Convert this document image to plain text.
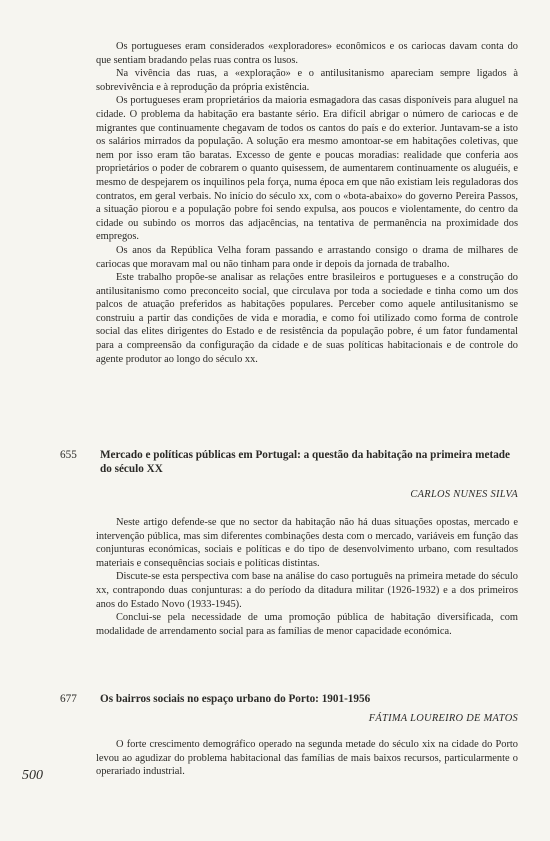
Os portugueses eram considerados «exploradores» econômicos e os cariocas davam conta do que sentiam bradando pelas ruas contra os lusos.

Na vivência das ruas, a «exploração» e o antilusitanismo apareciam sempre ligados à sobrevivência e à reprodução da própria existência.

Os portugueses eram proprietários da maioria esmagadora das casas disponíveis para aluguel na cidade. O problema da habitação era bastante sério. Era difícil abrigar o número de cariocas e de migrantes que continuamente chegavam de todos os cantos do país e do exterior. Juntavam-se a isto os salários mirrados da população. A solução era mesmo amontoar-se em habitações coletivas, que nem por isso eram tão baratas. Excesso de gente e poucas moradias: realidade que conferia aos proprietários o poder de cobrarem o quanto quisessem, de aumentarem continuamente os aluguéis, e mesmo de despejarem os inquilinos pela força, numa época em que não existiam leis reguladoras dos contratos, em geral verbais. No início do século xx, com o «bota-abaixo» do governo Pereira Passos, a situação piorou e a população pobre foi sendo expulsa, aos poucos e violentamente, do centro da cidade ou subindo os morros das adjacências, na tentativa de permanência na proximidade dos empregos.

Os anos da República Velha foram passando e arrastando consigo o drama de milhares de cariocas que moravam mal ou não tinham para onde ir depois da jornada de trabalho.

Este trabalho propõe-se analisar as relações entre brasileiros e portugueses e a construção do antilusitanismo como preconceito social, que circulava por toda a sociedade e tinha como um dos palcos de atuação preferidos as habitações populares. Perceber como aquele antilusitanismo se construiu a partir das condições de vida e moradia, e como foi utilizado como forma de controle social das elites dirigentes do Estado e de resistência da população pobre, é um fator fundamental para a compreensão da configuração da cidade e de suas políticas habitacionais e de controle do agente produtor ao longo do século xx.

655 Mercado e políticas públicas em Portugal: a questão da habitação na primeira metade do século XX
CARLOS NUNES SILVA

Neste artigo defende-se que no sector da habitação não há duas situações opostas, mercado e intervenção pública, mas sim diferentes combinações desta com o mercado, variáveis em função das conjunturas económicas, sociais e políticas e do tipo de desenvolvimento urbano, com resultados materiais e consequências sociais e políticas distintas.

Discute-se esta perspectiva com base na análise do caso português na primeira metade do século xx, contrapondo duas conjunturas: a do período da ditadura militar (1926-1932) e a dos primeiros anos do Estado Novo (1933-1945).

Conclui-se pela necessidade de uma promoção pública de habitação diversificada, com modalidade de arrendamento social para as famílias de menor capacidade económica.

677 Os bairros sociais no espaço urbano do Porto: 1901-1956
FÁTIMA LOUREIRO DE MATOS

O forte crescimento demográfico operado na segunda metade do século xix na cidade do Porto levou ao agudizar do problema habitacional das famílias de mais baixos recursos, particularmente o operariado industrial.

500
